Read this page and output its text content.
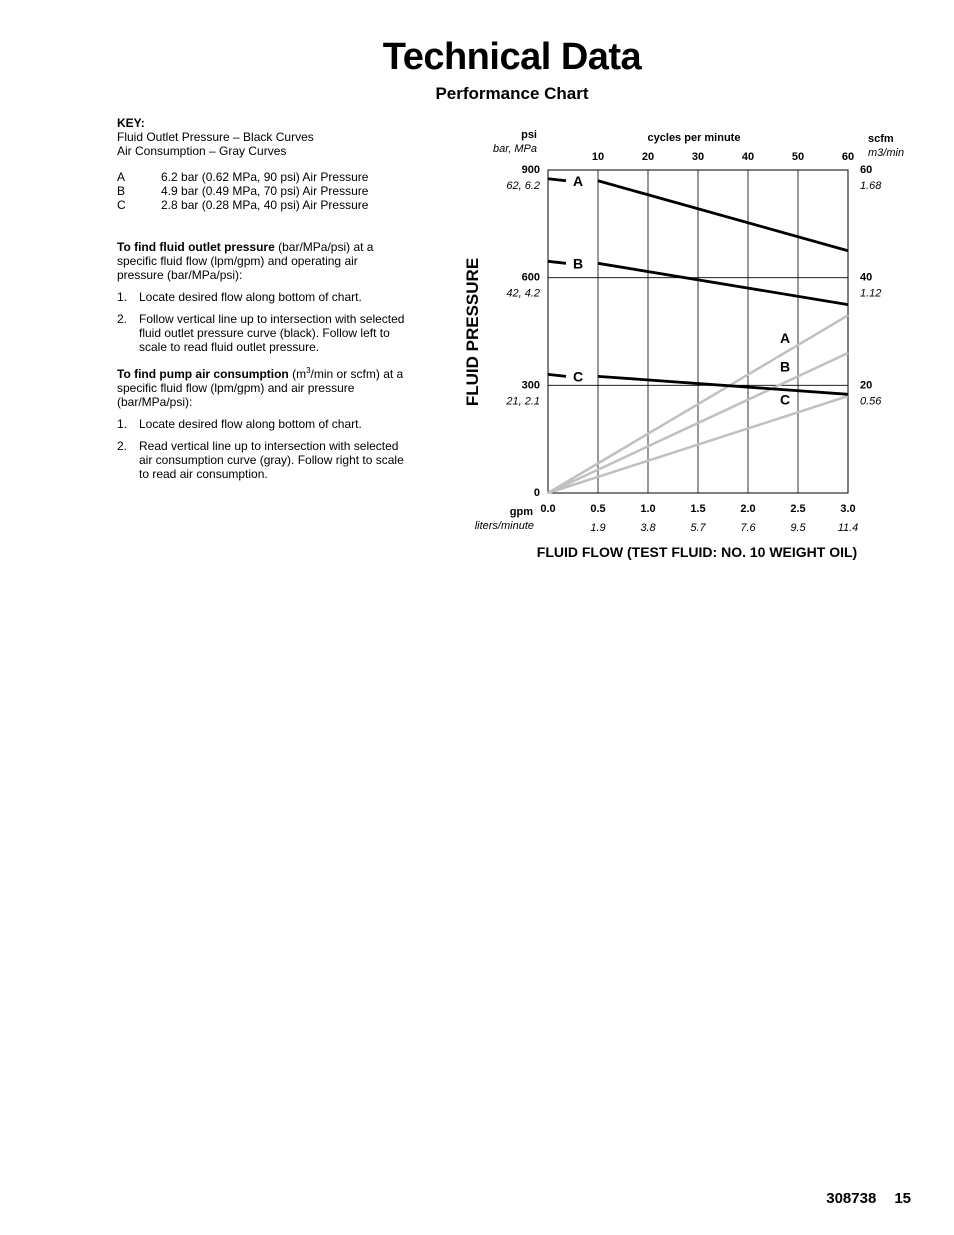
Technical Data
Performance Chart
KEY:
Fluid Outlet Pressure – Black Curves
Air Consumption – Gray Curves
A	6.2 bar (0.62 MPa, 90 psi) Air Pressure
B	4.9 bar (0.49 MPa, 70 psi) Air Pressure
C	2.8 bar (0.28 MPa, 40 psi) Air Pressure
To find fluid outlet pressure (bar/MPa/psi) at a specific fluid flow (lpm/gpm) and operating air pressure (bar/MPa/psi):
1. Locate desired flow along bottom of chart.
2. Follow vertical line up to intersection with selected fluid outlet pressure curve (black). Follow left to scale to read fluid outlet pressure.
To find pump air consumption ($m^3/\min$ or scfm) at a specific fluid flow (lpm/gpm) and air pressure (bar/MPa/psi):
1. Locate desired flow along bottom of chart.
2. Read vertical line up to intersection with selected air consumption curve (gray). Follow right to scale to read air consumption.
A
B
C
A
B
C
0
300
21, 2.1
600
42, 4.2
900
62, 6.2
20
0.56
40
1.12
60
1.68
0.0	0.5
1.9
1.0
3.8
1.5
5.7
2.0
7.6
2.5
9.5
3.0
11.4
10	20	30	40	50	60
cycles per minute
psi
bar, MPa
scfm
m3/min
gpm
liters/minute
FLUID PRESSURE
FLUID FLOW (TEST FLUID: NO. 10 WEIGHT OIL)
308738 15
